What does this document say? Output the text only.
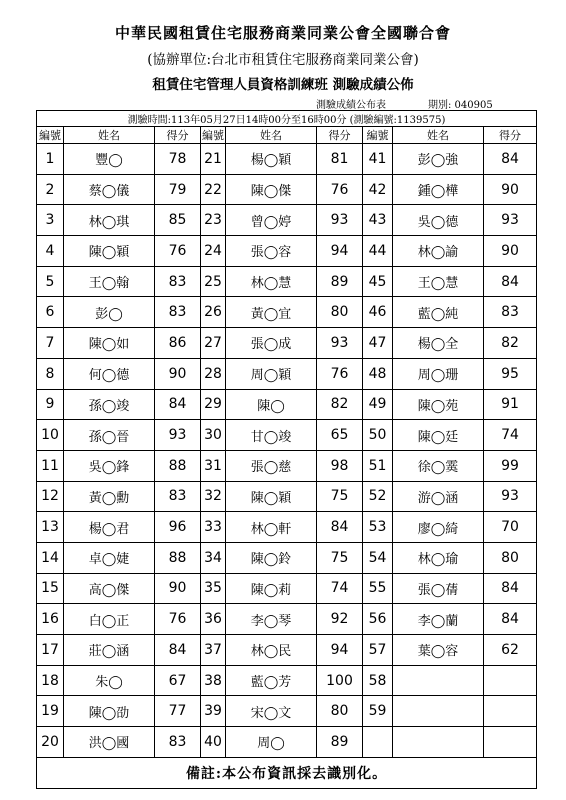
中華民國租賃住宅服務商業同業公會全國聯合會
(協辦單位:台北市租賃住宅服務商業同業公會)
租賃住宅管理人員資格訓練班 測驗成績公佈
測驗成績公布表	期別: 040905
測驗時間:113年05月27日14時00分至16時00分 (測驗編號:1139575)								
編號	姓名	得分	編號	姓名	得分	編號	姓名	得分
1	豐◯	78	21	楊◯穎	81	41	彭◯強	84
2	蔡◯儀	79	22	陳◯傑	76	42	鍾◯樺	90
3	林◯琪	85	23	曾◯婷	93	43	吳◯德	93
4	陳◯穎	76	24	張◯容	94	44	林◯諭	90
5	王◯翰	83	25	林◯慧	89	45	王◯慧	84
6	彭◯	83	26	黃◯宜	80	46	藍◯純	83
7	陳◯如	86	27	張◯成	93	47	楊◯全	82
8	何◯德	90	28	周◯穎	76	48	周◯珊	95
9	孫◯竣	84	29	陳◯	82	49	陳◯苑	91
10	孫◯晉	93	30	甘◯竣	65	50	陳◯廷	74
11	吳◯鋒	88	31	張◯慈	98	51	徐◯霙	99
12	黃◯勳	83	32	陳◯穎	75	52	游◯涵	93
13	楊◯君	96	33	林◯軒	84	53	廖◯綺	70
14	卓◯婕	88	34	陳◯鈴	75	54	林◯瑜	80
15	高◯傑	90	35	陳◯莉	74	55	張◯蒨	84
16	白◯正	76	36	李◯琴	92	56	李◯蘭	84
17	莊◯涵	84	37	林◯民	94	57	葉◯容	62
18	朱◯	67	38	藍◯芳	100	58		
19	陳◯劭	77	39	宋◯文	80	59		
20	洪◯國	83	40	周◯	89			
備註:本公布資訊採去識別化。								
